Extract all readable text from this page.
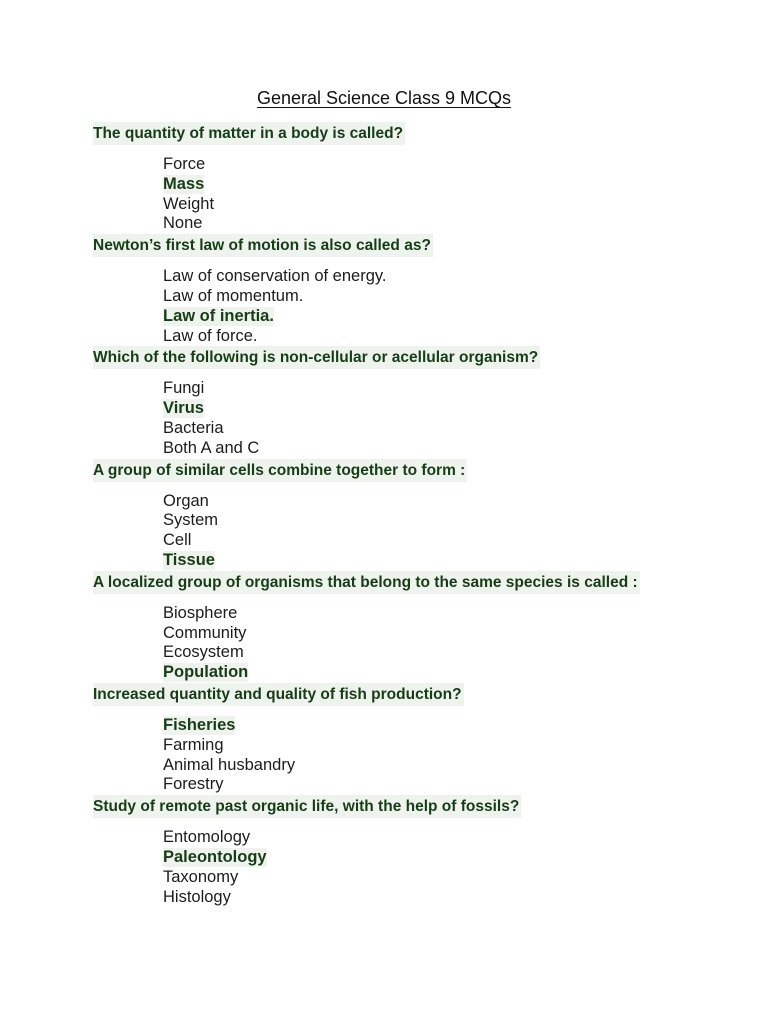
General Science Class 9 MCQs
The quantity of matter in a body is called?
Force
Mass
Weight
None
Newton’s first law of motion is also called as?
Law of conservation of energy.
Law of momentum.
Law of inertia.
Law of force.
Which of the following is non-cellular or acellular organism?
Fungi
Virus
Bacteria
Both A and C
A group of similar cells combine together to form :
Organ
System
Cell
Tissue
A localized group of organisms that belong to the same species is called :
Biosphere
Community
Ecosystem
Population
Increased quantity and quality of fish production?
Fisheries
Farming
Animal husbandry
Forestry
Study of remote past organic life, with the help of fossils?
Entomology
Paleontology
Taxonomy
Histology
